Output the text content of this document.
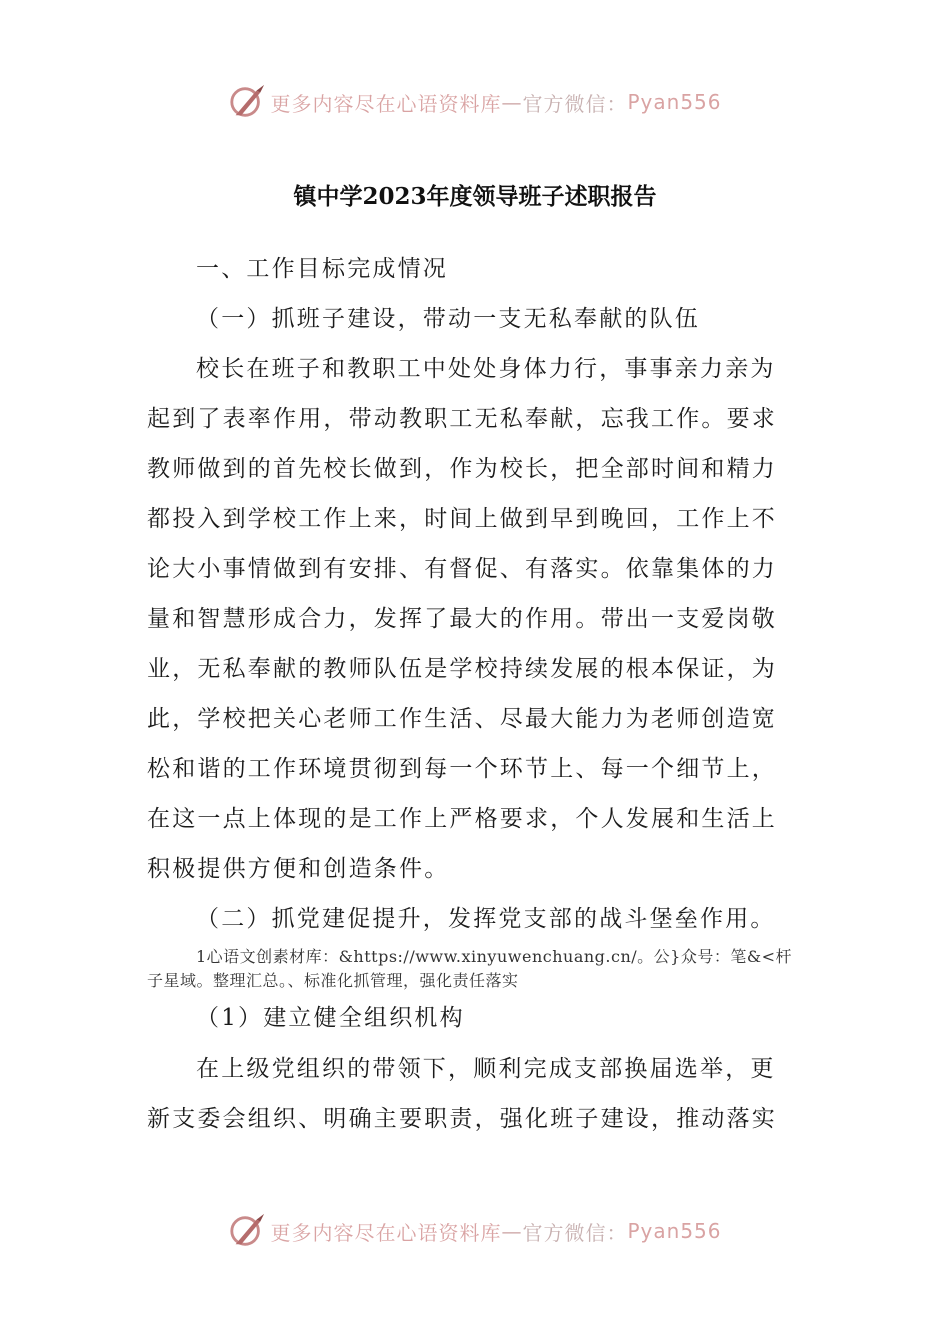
更多内容尽在心语资料库 — 官方微信： Pyan556
镇中学2023年度领导班子述职报告
一、工作目标完成情况
（一）抓班子建设，带动一支无私奉献的队伍
校长在班子和教职工中处处身体力行，事事亲力亲为
起到了表率作用，带动教职工无私奉献，忘我工作。要求
教师做到的首先校长做到，作为校长，把全部时间和精力
都投入到学校工作上来，时间上做到早到晚回，工作上不
论大小事情做到有安排、有督促、有落实。依靠集体的力
量和智慧形成合力，发挥了最大的作用。带出一支爱岗敬
业，无私奉献的教师队伍是学校持续发展的根本保证，为
此，学校把关心老师工作生活、尽最大能力为老师创造宽
松和谐的工作环境贯彻到每一个环节上、每一个细节上，
在这一点上体现的是工作上严格要求，个人发展和生活上
积极提供方便和创造条件。
（二）抓党建促提升，发挥党支部的战斗堡垒作用。
1心语文创素材库：&https://www.xinyuwenchuang.cn/。公}众号：笔&<杆
子星域。整理汇总。、标准化抓管理，强化责任落实
（1）建立健全组织机构
在上级党组织的带领下，顺利完成支部换届选举，更
新支委会组织、明确主要职责，强化班子建设，推动落实
更多内容尽在心语资料库 — 官方微信： Pyan556
